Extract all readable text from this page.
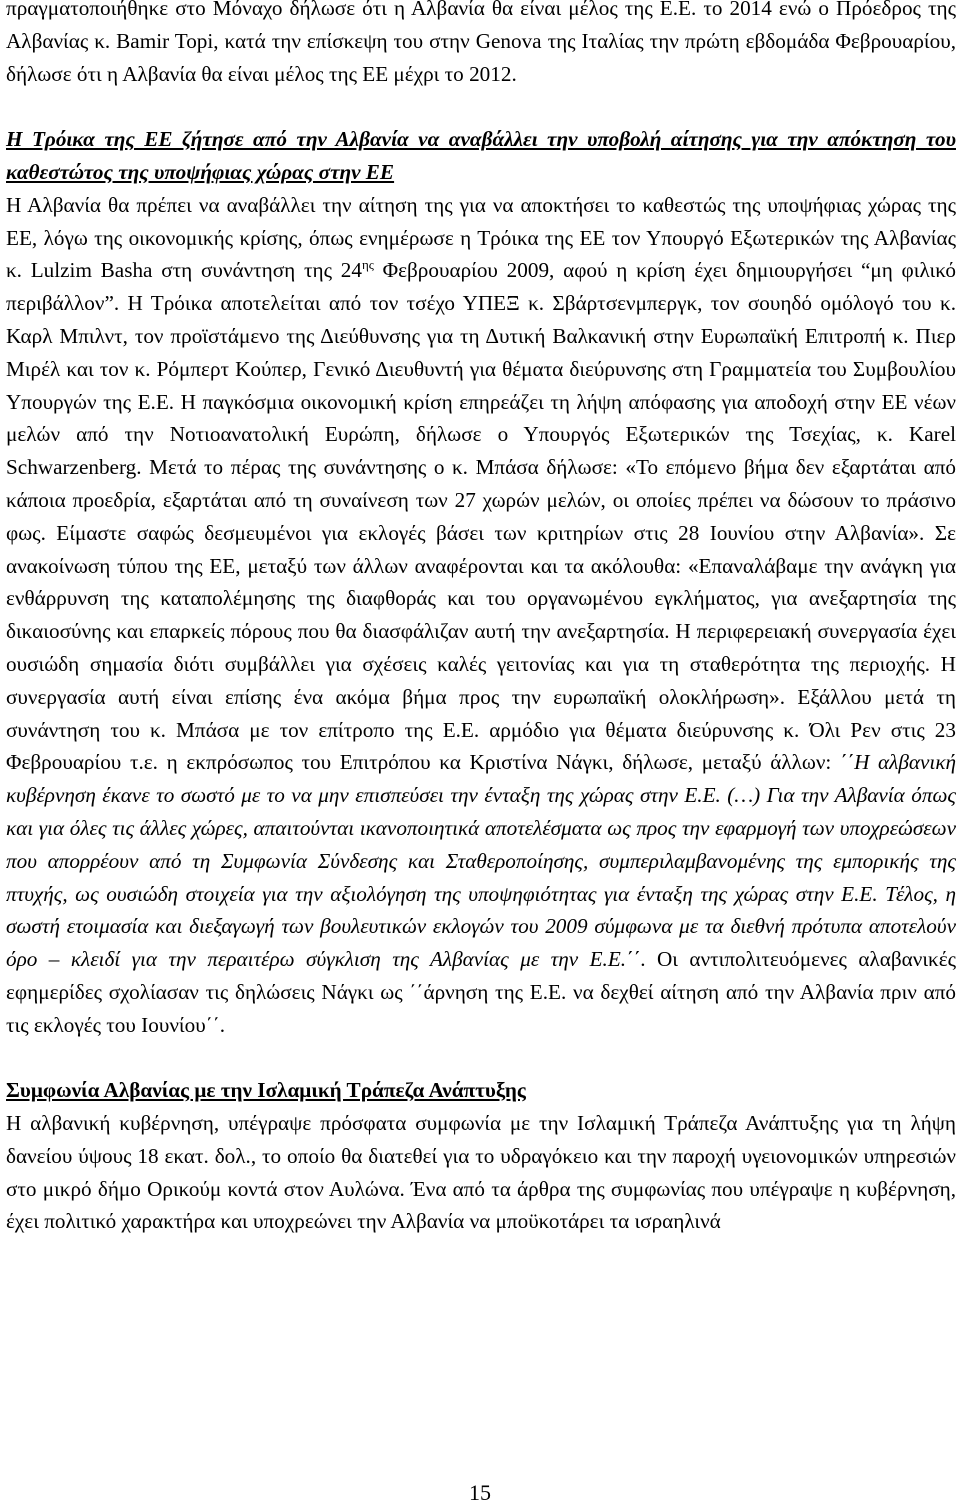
πραγματοποιήθηκε στο Μόναχο δήλωσε ότι η Αλβανία θα είναι μέλος της Ε.Ε. το 2014 ενώ ο Πρόεδρος της Αλβανίας κ. Bamir Topi, κατά την επίσκεψη του στην Genova της Ιταλίας την πρώτη εβδομάδα Φεβρουαρίου, δήλωσε ότι η Αλβανία θα είναι μέλος της ΕΕ μέχρι το 2012.

Η Τρόικα της ΕΕ ζήτησε από την Αλβανία να αναβάλλει την υποβολή αίτησης για την απόκτηση του καθεστώτος της υποψήφιας χώρας στην ΕΕ

Η Αλβανία θα πρέπει να αναβάλλει την αίτηση της για να αποκτήσει το καθεστώς της υποψήφιας χώρας της ΕΕ, λόγω της οικονομικής κρίσης, όπως ενημέρωσε η Τρόικα της ΕΕ τον Υπουργό Εξωτερικών της Αλβανίας κ. Lulzim Basha στη συνάντηση της $24^{\eta\varsigma}$ Φεβρουαρίου 2009, αφού η κρίση έχει δημιουργήσει “μη φιλικό περιβάλλον”. Η Τρόικα αποτελείται από τον τσέχο ΥΠΕΞ κ. Σβάρτσενμπεργκ, τον σουηδό ομόλογό του κ. Καρλ Μπιλντ, τον προϊστάμενο της Διεύθυνσης για τη Δυτική Βαλκανική στην Ευρωπαϊκή Επιτροπή κ. Πιερ Μιρέλ και τον κ. Ρόμπερτ Κούπερ, Γενικό Διευθυντή για θέματα διεύρυνσης στη Γραμματεία του Συμβουλίου Υπουργών της Ε.Ε. Η παγκόσμια οικονομική κρίση επηρεάζει τη λήψη απόφασης για αποδοχή στην ΕΕ νέων μελών από την Νοτιοανατολική Ευρώπη, δήλωσε ο Υπουργός Εξωτερικών της Τσεχίας, κ. Karel Schwarzenberg. Μετά το πέρας της συνάντησης ο κ. Μπάσα δήλωσε: «Το επόμενο βήμα δεν εξαρτάται από κάποια προεδρία, εξαρτάται από τη συναίνεση των 27 χωρών μελών, οι οποίες πρέπει να δώσουν το πράσινο φως. Είμαστε σαφώς δεσμευμένοι για εκλογές βάσει των κριτηρίων στις 28 Ιουνίου στην Αλβανία». Σε ανακοίνωση τύπου της ΕΕ, μεταξύ των άλλων αναφέρονται και τα ακόλουθα: «Επαναλάβαμε την ανάγκη για ενθάρρυνση της καταπολέμησης της διαφθοράς και του οργανωμένου εγκλήματος, για ανεξαρτησία της δικαιοσύνης και επαρκείς πόρους που θα διασφάλιζαν αυτή την ανεξαρτησία. Η περιφερειακή συνεργασία έχει ουσιώδη σημασία διότι συμβάλλει για σχέσεις καλές γειτονίας και για τη σταθερότητα της περιοχής. Η συνεργασία αυτή είναι επίσης ένα ακόμα βήμα προς την ευρωπαϊκή ολοκλήρωση». Εξάλλου μετά τη συνάντηση του κ. Μπάσα με τον επίτροπο της Ε.Ε. αρμόδιο για θέματα διεύρυνσης κ. Όλι Ρεν στις 23 Φεβρουαρίου τ.ε. η εκπρόσωπος του Επιτρόπου κα Κριστίνα Νάγκι, δήλωσε, μεταξύ άλλων: ΄΄Η αλβανική κυβέρνηση έκανε το σωστό με το να μην επισπεύσει την ένταξη της χώρας στην Ε.Ε. (…) Για την Αλβανία όπως και για όλες τις άλλες χώρες, απαιτούνται ικανοποιητικά αποτελέσματα ως προς την εφαρμογή των υποχρεώσεων που απορρέουν από τη Συμφωνία Σύνδεσης και Σταθεροποίησης, συμπεριλαμβανομένης της εμπορικής της πτυχής, ως ουσιώδη στοιχεία για την αξιολόγηση της υποψηφιότητας για ένταξη της χώρας στην Ε.Ε. Τέλος, η σωστή ετοιμασία και διεξαγωγή των βουλευτικών εκλογών του 2009 σύμφωνα με τα διεθνή πρότυπα αποτελούν όρο – κλειδί για την περαιτέρω σύγκλιση της Αλβανίας με την Ε.Ε.΄΄. Οι αντιπολιτευόμενες αλαβανικές εφημερίδες σχολίασαν τις δηλώσεις Νάγκι ως ΄΄άρνηση της Ε.Ε. να δεχθεί αίτηση από την Αλβανία πριν από τις εκλογές του Ιουνίου΄΄.

Συμφωνία Αλβανίας με την Ισλαμική Τράπεζα Ανάπτυξης

Η αλβανική κυβέρνηση, υπέγραψε πρόσφατα συμφωνία με την Ισλαμική Τράπεζα Ανάπτυξης για τη λήψη δανείου ύψους 18 εκατ. δολ., το οποίο θα διατεθεί για το υδραγόκειο και την παροχή υγειονομικών υπηρεσιών στο μικρό δήμο Ορικούμ κοντά στον Αυλώνα. Ένα από τα άρθρα της συμφωνίας που υπέγραψε η κυβέρνηση, έχει πολιτικό χαρακτήρα και υποχρεώνει την Αλβανία να μποϋκοτάρει τα ισραηλινά

15
